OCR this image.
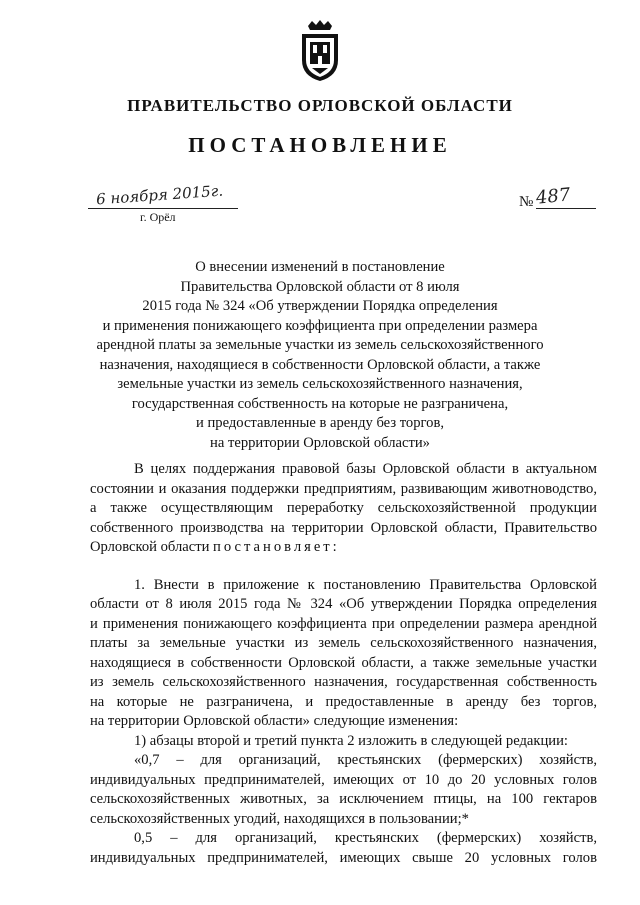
ПРАВИТЕЛЬСТВО ОРЛОВСКОЙ ОБЛАСТИ
ПОСТАНОВЛЕНИЕ
6 ноября 2015г.
г. Орёл
№ 487
О внесении изменений в постановление
Правительства Орловской области от 8 июля
2015 года № 324 «Об утверждении Порядка определения
и применения понижающего коэффициента при определении размера
арендной платы за земельные участки из земель сельскохозяйственного
назначения, находящиеся в собственности Орловской области, а также
земельные участки из земель сельскохозяйственного назначения,
государственная собственность на которые не разграничена,
и предоставленные в аренду без торгов,
на территории Орловской области»
В целях поддержания правовой базы Орловской области в актуальном
состоянии и оказания поддержки предприятиям, развивающим животноводство,
а также осуществляющим переработку сельскохозяйственной продукции
собственного производства на территории Орловской области, Правительство
Орловской области постановляет:
1. Внести в приложение к постановлению Правительства Орловской
области от 8 июля 2015 года № 324 «Об утверждении Порядка определения
и применения понижающего коэффициента при определении размера арендной
платы за земельные участки из земель сельскохозяйственного назначения,
находящиеся в собственности Орловской области, а также земельные участки
из земель сельскохозяйственного назначения, государственная собственность
на которые не разграничена, и предоставленные в аренду без торгов,
на территории Орловской области» следующие изменения:
1) абзацы второй и третий пункта 2 изложить в следующей редакции:
«0,7 – для организаций, крестьянских (фермерских) хозяйств,
индивидуальных предпринимателей, имеющих от 10 до 20 условных голов
сельскохозяйственных животных, за исключением птицы, на 100 гектаров
сельскохозяйственных угодий, находящихся в пользовании;*
0,5 – для организаций, крестьянских (фермерских) хозяйств,
индивидуальных предпринимателей, имеющих свыше 20 условных голов
